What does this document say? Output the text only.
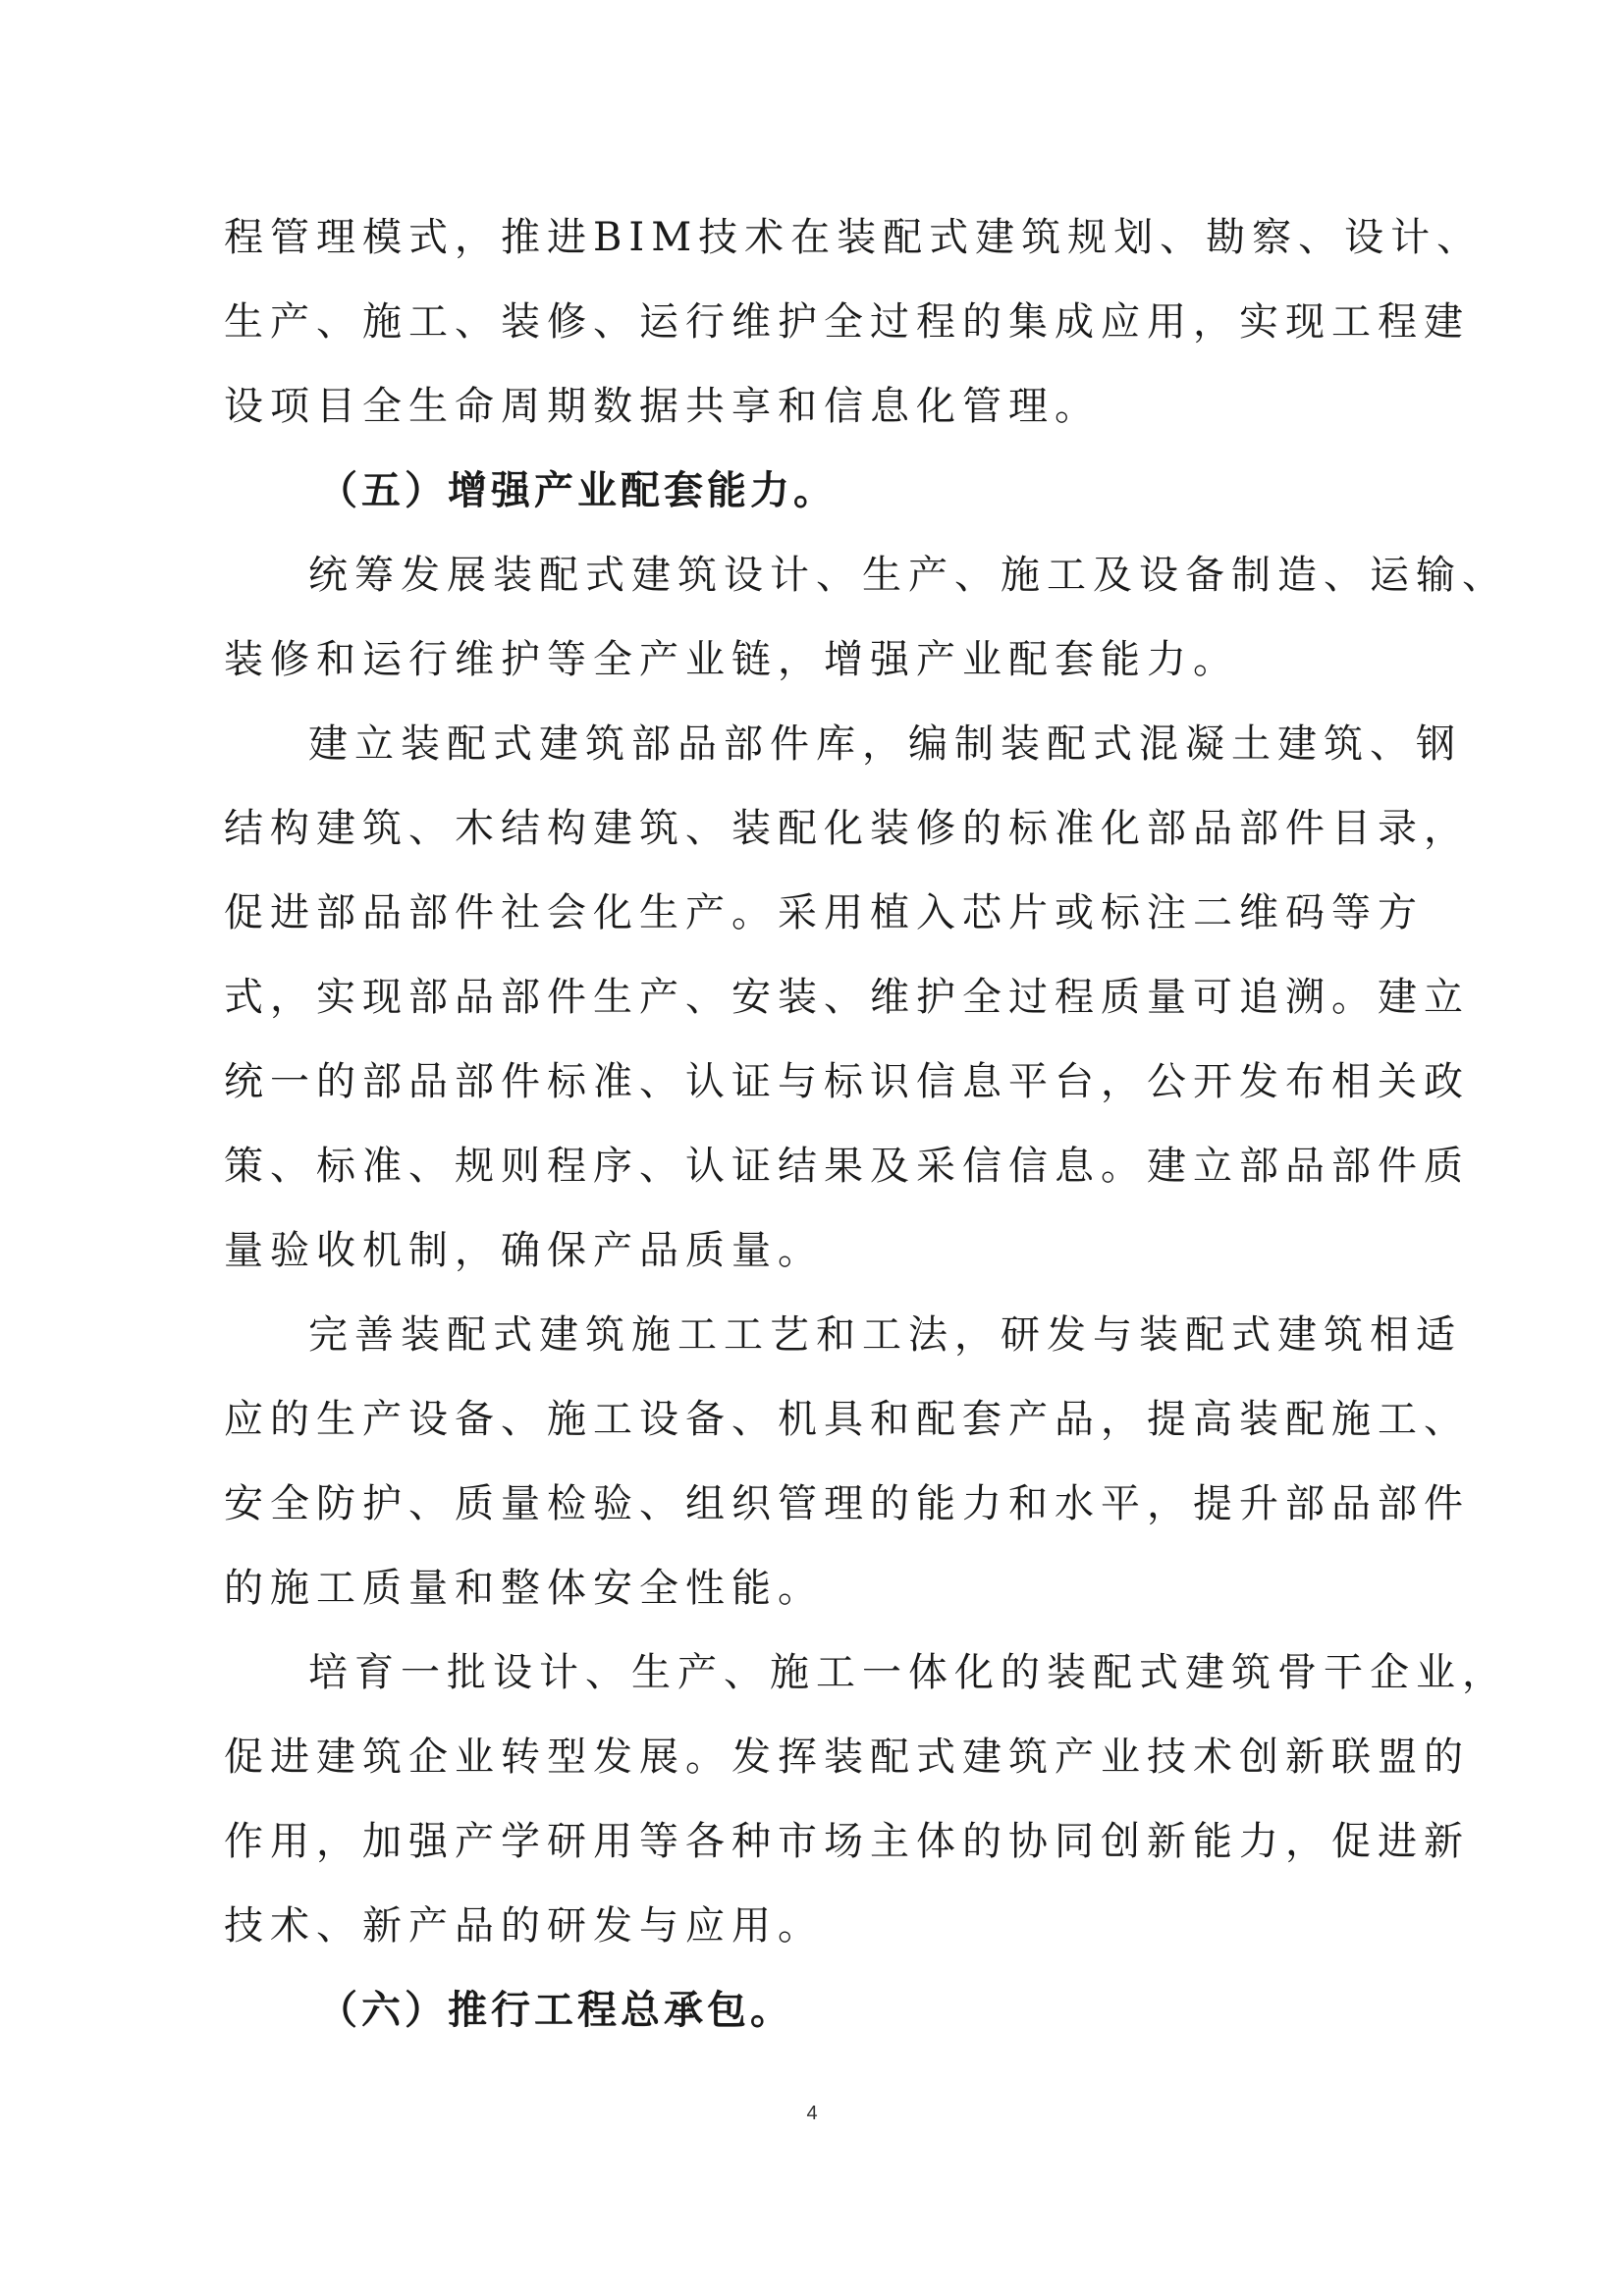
程管理模式，推进BIM技术在装配式建筑规划、勘察、设计、
生产、施工、装修、运行维护全过程的集成应用，实现工程建
设项目全生命周期数据共享和信息化管理。
（五）增强产业配套能力。
统筹发展装配式建筑设计、生产、施工及设备制造、运输、
装修和运行维护等全产业链，增强产业配套能力。
建立装配式建筑部品部件库，编制装配式混凝土建筑、钢
结构建筑、木结构建筑、装配化装修的标准化部品部件目录，
促进部品部件社会化生产。采用植入芯片或标注二维码等方
式，实现部品部件生产、安装、维护全过程质量可追溯。建立
统一的部品部件标准、认证与标识信息平台，公开发布相关政
策、标准、规则程序、认证结果及采信信息。建立部品部件质
量验收机制，确保产品质量。
完善装配式建筑施工工艺和工法，研发与装配式建筑相适
应的生产设备、施工设备、机具和配套产品，提高装配施工、
安全防护、质量检验、组织管理的能力和水平，提升部品部件
的施工质量和整体安全性能。
培育一批设计、生产、施工一体化的装配式建筑骨干企业，
促进建筑企业转型发展。发挥装配式建筑产业技术创新联盟的
作用，加强产学研用等各种市场主体的协同创新能力，促进新
技术、新产品的研发与应用。
（六）推行工程总承包。
4
